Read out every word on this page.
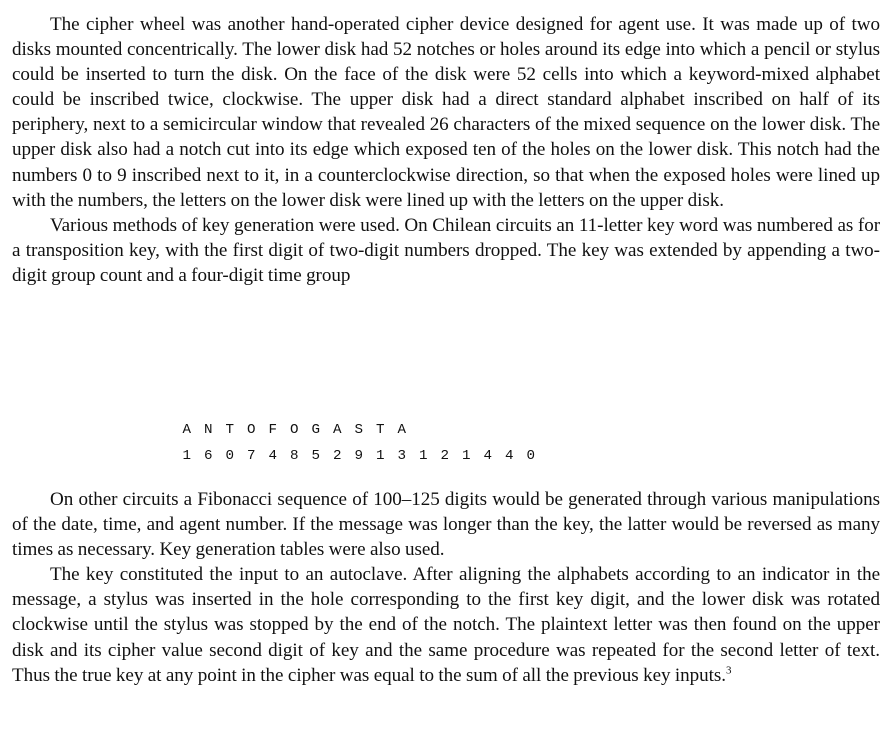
The cipher wheel was another hand-operated cipher device designed for agent use. It was made up of two disks mounted concentrically. The lower disk had 52 notches or holes around its edge into which a pencil or stylus could be inserted to turn the disk. On the face of the disk were 52 cells into which a keyword-mixed alphabet could be inscribed twice, clockwise. The upper disk had a direct standard alphabet inscribed on half of its periphery, next to a semicircular window that revealed 26 characters of the mixed sequence on the lower disk. The upper disk also had a notch cut into its edge which exposed ten of the holes on the lower disk. This notch had the numbers 0 to 9 inscribed next to it, in a counterclockwise direction, so that when the exposed holes were lined up with the numbers, the letters on the lower disk were lined up with the letters on the upper disk.

Various methods of key generation were used. On Chilean circuits an 11-letter key word was numbered as for a transposition key, with the first digit of two-digit numbers dropped. The key was extended by appending a two-digit group count and a four-digit time group

A N T O F O G A S T A
1 6 0 7 4 8 5 2 9 1 3 1 2 1 4 4 0

On other circuits a Fibonacci sequence of 100–125 digits would be generated through various manipulations of the date, time, and agent number. If the message was longer than the key, the latter would be reversed as many times as necessary. Key generation tables were also used.

The key constituted the input to an autoclave. After aligning the alphabets according to an indicator in the message, a stylus was inserted in the hole corresponding to the first key digit, and the lower disk was rotated clockwise until the stylus was stopped by the end of the notch. The plaintext letter was then found on the upper disk and its cipher value second digit of key and the same procedure was repeated for the second letter of text. Thus the true key at any point in the cipher was equal to the sum of all the previous key inputs.$^3$
